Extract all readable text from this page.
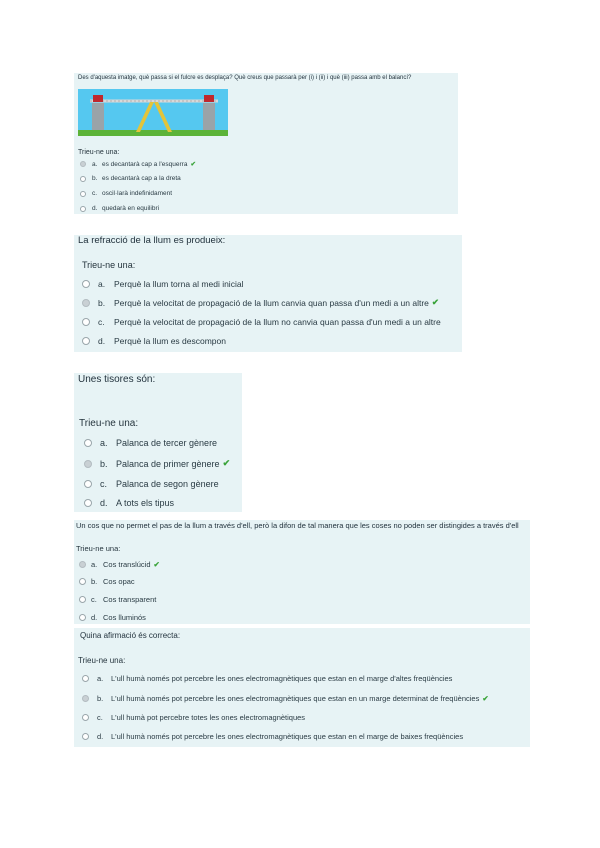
Des d'aquesta imatge, què passa si el fulcre es desplaça? Què creus que passarà per (i) i (ii) i què (iii) passa amb el balancí?
Trieu-ne una:
a. es decantarà cap a l'esquerra ✔
b. es decantarà cap a la dreta
c. oscil·larà indefinidament
d. quedarà en equilibri
La refracció de la llum es produeix:
Trieu-ne una:
a.	Perquè la llum torna al medi inicial
b.	Perquè la velocitat de propagació de la llum canvia quan passa d'un medi a un altre ✔
c.	Perquè la velocitat de propagació de la llum no canvia quan passa d'un medi a un altre
d.	Perquè la llum es descompon
Unes tisores són:
Trieu-ne una:
a. Palanca de tercer gènere
b. Palanca de primer gènere ✔
c. Palanca de segon gènere
d. A tots els tipus
Un cos que no permet el pas de la llum a través d'ell, però la difon de tal manera que les coses no poden ser distingides a través d'ell
Trieu-ne una:
a. Cos translúcid ✔
b. Cos opac
c. Cos transparent
d. Cos lluminós
Quina afirmació és correcta:
Trieu-ne una:
a.	L'ull humà només pot percebre les ones electromagnètiques que estan en el marge d'altes freqüències
b.	L'ull humà només pot percebre les ones electromagnètiques que estan en un marge determinat de freqüències ✔
c.	L'ull humà pot percebre totes les ones electromagnètiques
d.	L'ull humà només pot percebre les ones electromagnètiques que estan en el marge de baixes freqüències
